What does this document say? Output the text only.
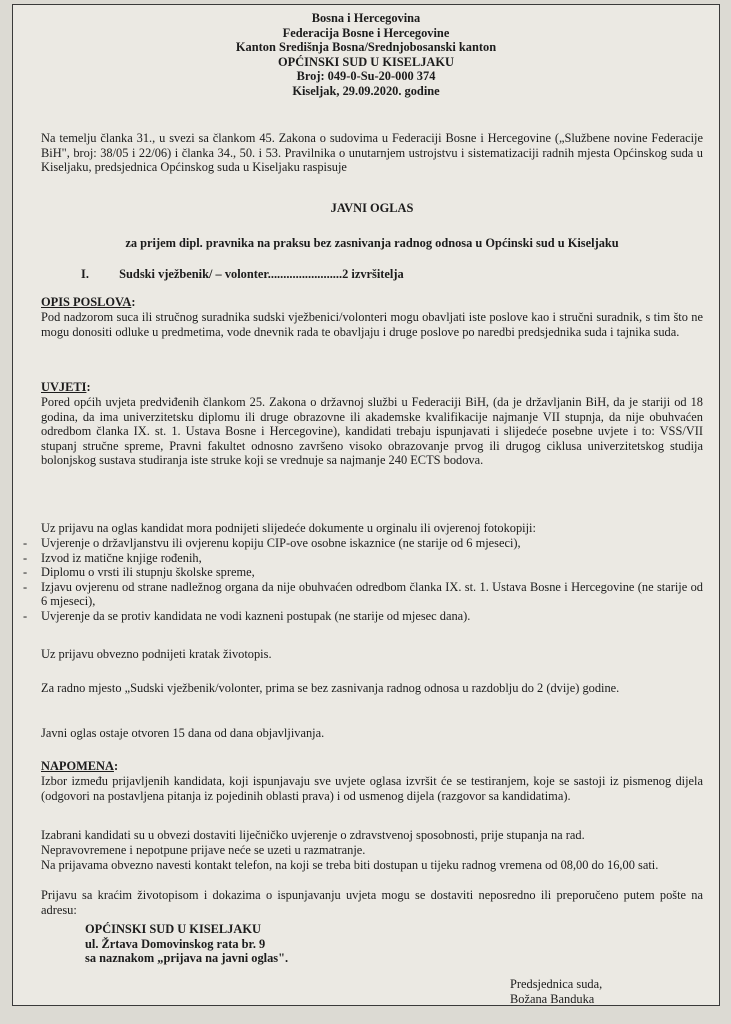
Bosna i Hercegovina
Federacija Bosne i Hercegovine
Kanton Središnja Bosna/Srednjobosanski kanton
OPĆINSKI SUD U KISELJAKU
Broj: 049-0-Su-20-000 374
Kiseljak, 29.09.2020. godine

Na temelju članka 31., u svezi sa člankom 45. Zakona o sudovima u Federaciji Bosne i Hercegovine („Službene novine Federacije BiH", broj: 38/05 i 22/06) i članka 34., 50. i 53. Pravilnika o unutarnjem ustrojstvu i sistematizaciji radnih mjesta Općinskog suda u Kiseljaku, predsjednica Općinskog suda u Kiseljaku raspisuje

JAVNI OGLAS

za prijem dipl. pravnika na praksu bez zasnivanja radnog odnosa u Općinski sud u Kiseljaku

I. Sudski vježbenik/ – volonter........................2 izvršitelja
OPIS POSLOVA:

Pod nadzorom suca ili stručnog suradnika sudski vježbenici/volonteri mogu obavljati iste poslove kao i stručni suradnik, s tim što ne mogu donositi odluke u predmetima, vode dnevnik rada te obavljaju i druge poslove po naredbi predsjednika suda i tajnika suda.

UVJETI:

Pored općih uvjeta predviđenih člankom 25. Zakona o državnoj službi u Federaciji BiH, (da je državljanin BiH, da je stariji od 18 godina, da ima univerzitetsku diplomu ili druge obrazovne ili akademske kvalifikacije najmanje VII stupnja, da nije obuhvaćen odredbom članka IX. st. 1. Ustava Bosne i Hercegovine), kandidati trebaju ispunjavati i slijedeće posebne uvjete i to: VSS/VII stupanj stručne spreme, Pravni fakultet odnosno završeno visoko obrazovanje prvog ili drugog ciklusa univerzitetskog studija bolonjskog sustava studiranja iste struke koji se vrednuje sa najmanje 240 ECTS bodova.

Uz prijavu na oglas kandidat mora podnijeti slijedeće dokumente u orginalu ili ovjerenoj fotokopiji:

- Uvjerenje o državljanstvu ili ovjerenu kopiju CIP-ove osobne iskaznice (ne starije od 6 mjeseci),
- Izvod iz matične knjige rođenih,
- Diplomu o vrsti ili stupnju školske spreme,
- Izjavu ovjerenu od strane nadležnog organa da nije obuhvaćen odredbom članka IX. st. 1. Ustava Bosne i Hercegovine (ne starije od 6 mjeseci),
- Uvjerenje da se protiv kandidata ne vodi kazneni postupak (ne starije od mjesec dana).

Uz prijavu obvezno podnijeti kratak životopis.

Za radno mjesto „Sudski vježbenik/volonter, prima se bez zasnivanja radnog odnosa u razdoblju do 2 (dvije) godine.

Javni oglas ostaje otvoren 15 dana od dana objavljivanja.

NAPOMENA:

Izbor između prijavljenih kandidata, koji ispunjavaju sve uvjete oglasa izvršit će se testiranjem, koje se sastoji iz pismenog dijela (odgovori na postavljena pitanja iz pojedinih oblasti prava) i od usmenog dijela (razgovor sa kandidatima).

Izabrani kandidati su u obvezi dostaviti liječničko uvjerenje o zdravstvenoj sposobnosti, prije stupanja na rad.

Nepravovremene i nepotpune prijave neće se uzeti u razmatranje.

Na prijavama obvezno navesti kontakt telefon, na koji se treba biti dostupan u tijeku radnog vremena od 08,00 do 16,00 sati.

Prijavu sa kraćim životopisom i dokazima o ispunjavanju uvjeta mogu se dostaviti neposredno ili preporučeno putem pošte na adresu:

OPĆINSKI SUD U KISELJAKU
ul. Žrtava Domovinskog rata br. 9
sa naznakom „prijava na javni oglas".
Predsjednica suda,
Božana Banduka
